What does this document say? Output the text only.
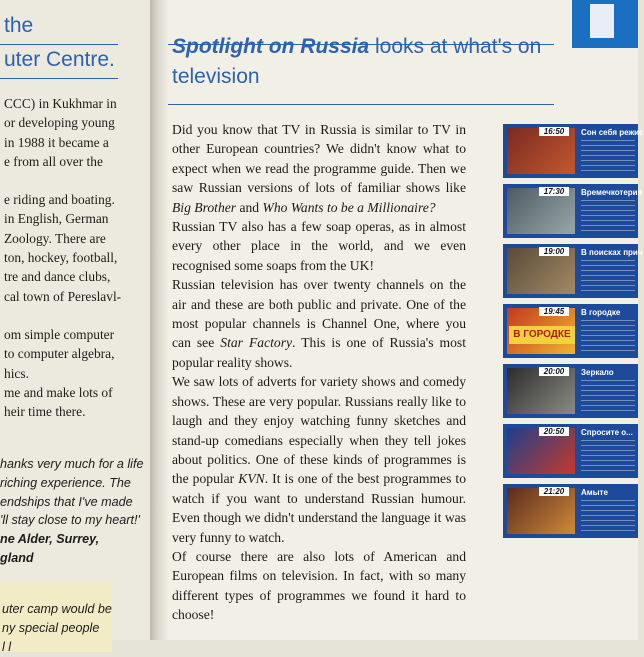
the
uter Centre.
CCC) in Kukhmar in
or developing young
in 1988 it became a
e from all over the
e riding and boating.
in English, German
Zoology. There are
ton, hockey, football,
tre and dance clubs,
cal town of Pereslavl-
om simple computer
to computer algebra,
hics.
me and make lots of
heir time there.
hanks very much for a life
riching experience. The
endships that I've made
'll stay close to my heart!'
ne Alder, Surrey,
gland
uter camp would be
ny special people
l l
Spotlight on Russia looks at what's on television

Did you know that TV in Russia is similar to TV in other European countries? We didn't know what to expect when we read the programme guide. Then we saw Russian versions of lots of familiar shows like Big Brother and Who Wants to be a Millionaire?

Russian TV also has a few soap operas, as in almost every other place in the world, and we even recognised some soaps from the UK!

Russian television has over twenty channels on the air and these are both public and private. One of the most popular channels is Channel One, where you can see Star Factory. This is one of Russia's most popular reality shows.

We saw lots of adverts for variety shows and comedy shows. These are very popular. Russians really like to laugh and they enjoy watching funny sketches and stand-up comedians especially when they tell jokes about politics. One of these kinds of programmes is the popular KVN. It is one of the best programmes to watch if you want to understand Russian humour. Even though we didn't understand the language it was very funny to watch.

Of course there are also lots of American and European films on television. In fact, with so many different types of programmes we found it hard to choose!

16:50	Сон себя режис
17:30	Времечкотерия
19:00	В поисках прич
В ГОРОДКЕ
19:45	В городке
20:00	Зеркало
20:50	Спросите о...
21:20	Амыте
